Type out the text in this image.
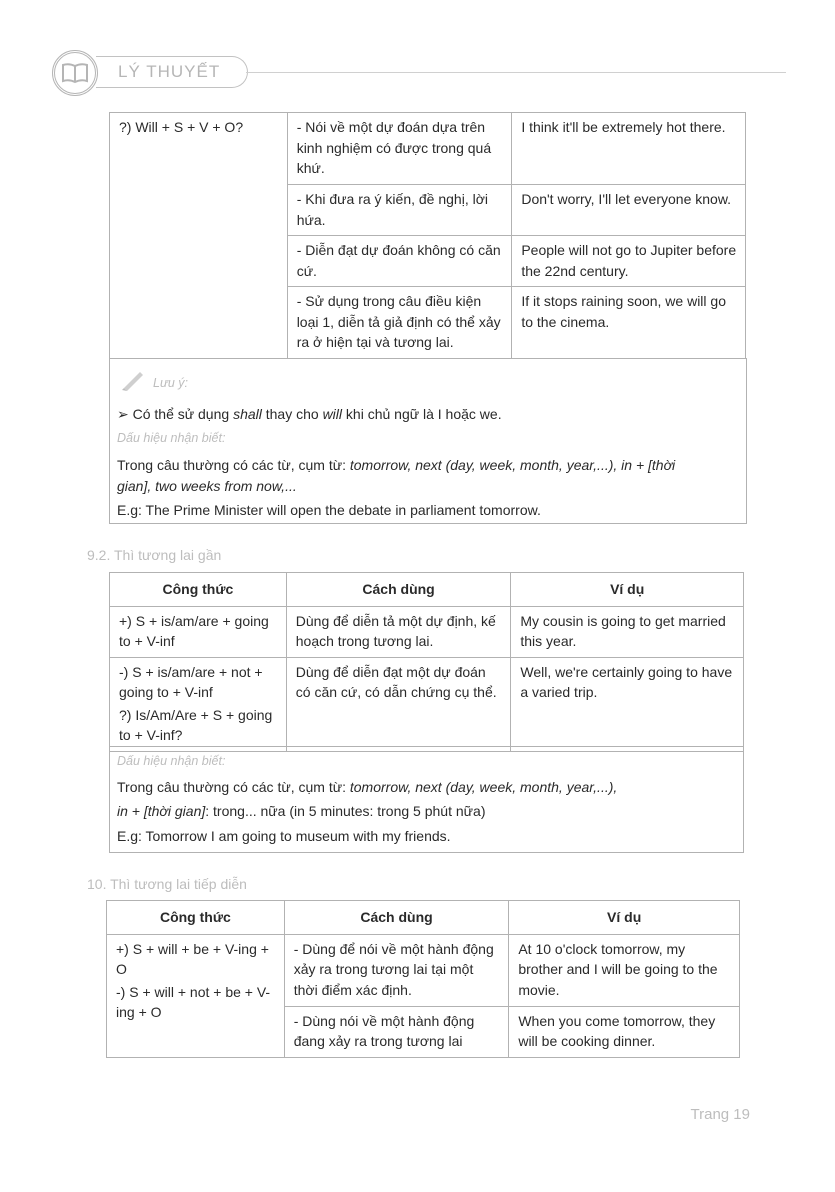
LÝ THUYẾT
?) Will + S + V + O?	- Nói về một dự đoán dựa trên kinh nghiệm có được trong quá khứ.	I think it'll be extremely hot there.
	- Khi đưa ra ý kiến, đề nghị, lời hứa.	Don't worry, I'll let everyone know.
	- Diễn đạt dự đoán không có căn cứ.	People will not go to Jupiter before the 22nd century.
	- Sử dụng trong câu điều kiện loại 1, diễn tả giả định có thể xảy ra ở hiện tại và tương lai.	If it stops raining soon, we will go to the cinema.
Lưu ý:
➢ Có thể sử dụng shall thay cho will khi chủ ngữ là I hoặc we.
Dấu hiệu nhận biết:
Trong câu thường có các từ, cụm từ: tomorrow, next (day, week, month, year,...), in + [thời
gian], two weeks from now,...
E.g: The Prime Minister will open the debate in parliament tomorrow.
9.2. Thì tương lai gần
Công thức	Cách dùng	Ví dụ
+) S + is/am/are + going to + V-inf	Dùng để diễn tả một dự định, kế hoạch trong tương lai.	My cousin is going to get married this year.

-) S + is/am/are + not + going to + V-inf
?) Is/Am/Are + S + going to + V-inf?	Dùng để diễn đạt một dự đoán có căn cứ, có dẫn chứng cụ thể.	Well, we're certainly going to have a varied trip.
Dấu hiệu nhận biết:
Trong câu thường có các từ, cụm từ: tomorrow, next (day, week, month, year,...),
in + [thời gian]: trong... nữa (in 5 minutes: trong 5 phút nữa)
E.g: Tomorrow I am going to museum with my friends.
10. Thì tương lai tiếp diễn
Công thức	Cách dùng	Ví dụ

+) S + will + be + V-ing + O
-) S + will + not + be + V-ing + O	- Dùng để nói về một hành động xảy ra trong tương lai tại một thời điểm xác định.	At 10 o'clock tomorrow, my brother and I will be going to the movie.
	- Dùng nói về một hành động đang xảy ra trong tương lai	When you come tomorrow, they will be cooking dinner.
Trang 19
